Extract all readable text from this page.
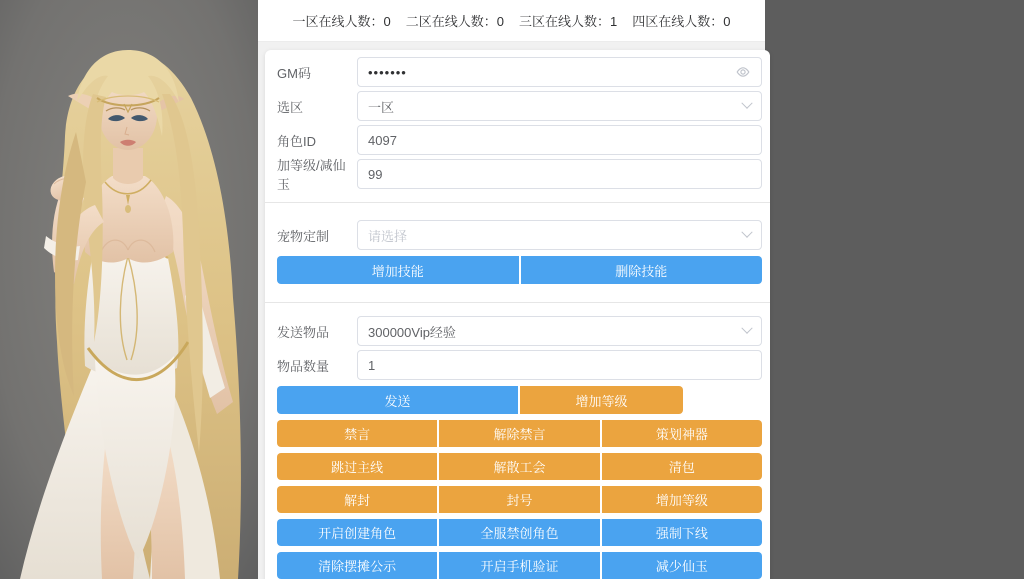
一区在线人数：0 二区在线人数：0 三区在线人数：1 四区在线人数：0
GM码
•••••••
选区	一区
角色ID
4097
加等级/减仙玉
99
宠物定制	请选择
增加技能	删除技能
发送物品	300000Vip经验
物品数量
1
发送	增加等级
禁言	解除禁言	策划神器
跳过主线	解散工会	清包
解封	封号	增加等级
开启创建角色	全服禁创角色	强制下线
清除摆摊公示	开启手机验证	减少仙玉
